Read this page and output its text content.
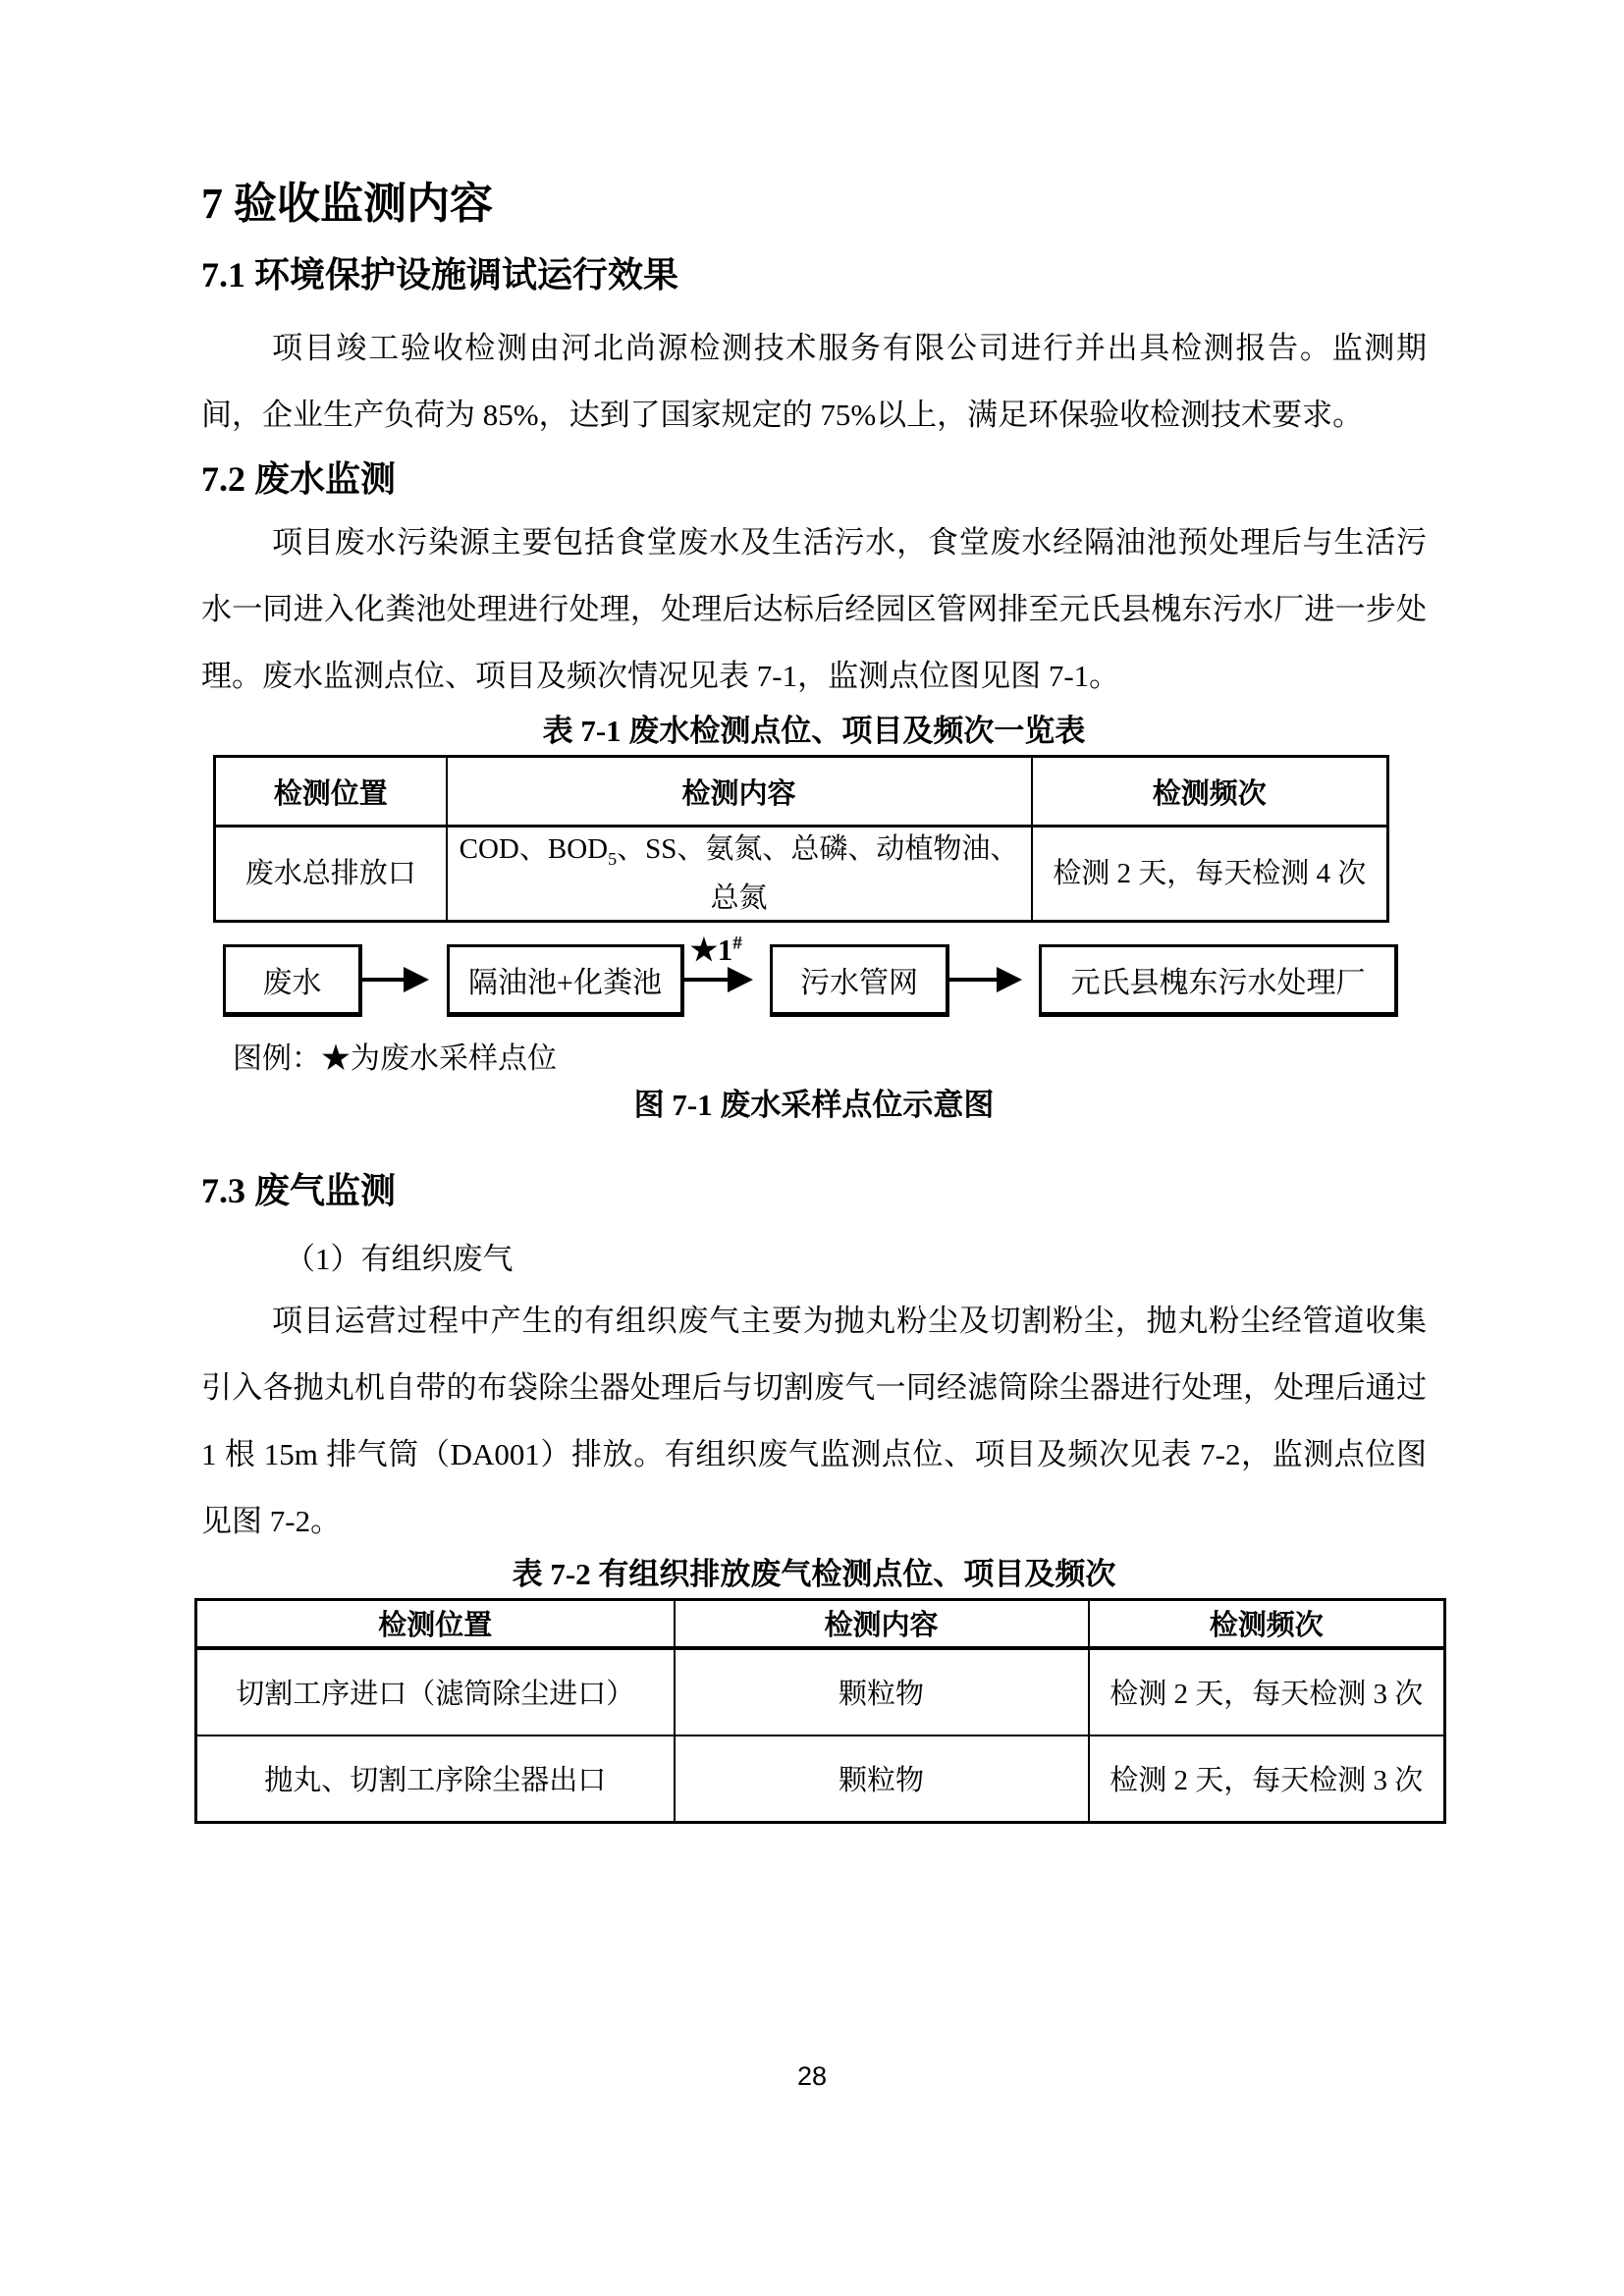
7 验收监测内容
7.1 环境保护设施调试运行效果

项目竣工验收检测由河北尚源检测技术服务有限公司进行并出具检测报告。监测期间，企业生产负荷为 85%，达到了国家规定的 75%以上，满足环保验收检测技术要求。

7.2 废水监测

项目废水污染源主要包括食堂废水及生活污水，食堂废水经隔油池预处理后与生活污水一同进入化粪池处理进行处理，处理后达标后经园区管网排至元氏县槐东污水厂进一步处理。废水监测点位、项目及频次情况见表 7-1，监测点位图见图 7-1。

表 7-1 废水检测点位、项目及频次一览表

检测位置	检测内容	检测频次
废水总排放口	COD、$BOD_5$、SS、氨氮、总磷、动植物油、总氮	检测 2 天，每天检测 4 次
废水	隔油池+化粪池
★1#
污水管网	元氏县槐东污水处理厂

图例：★为废水采样点位

图 7-1 废水采样点位示意图

7.3 废气监测

（1）有组织废气

项目运营过程中产生的有组织废气主要为抛丸粉尘及切割粉尘，抛丸粉尘经管道收集引入各抛丸机自带的布袋除尘器处理后与切割废气一同经滤筒除尘器进行处理，处理后通过 1 根 15m 排气筒（DA001）排放。有组织废气监测点位、项目及频次见表 7-2，监测点位图见图 7-2。

表 7-2 有组织排放废气检测点位、项目及频次

检测位置	检测内容	检测频次
切割工序进口（滤筒除尘进口）	颗粒物	检测 2 天，每天检测 3 次
抛丸、切割工序除尘器出口	颗粒物	检测 2 天，每天检测 3 次
28
